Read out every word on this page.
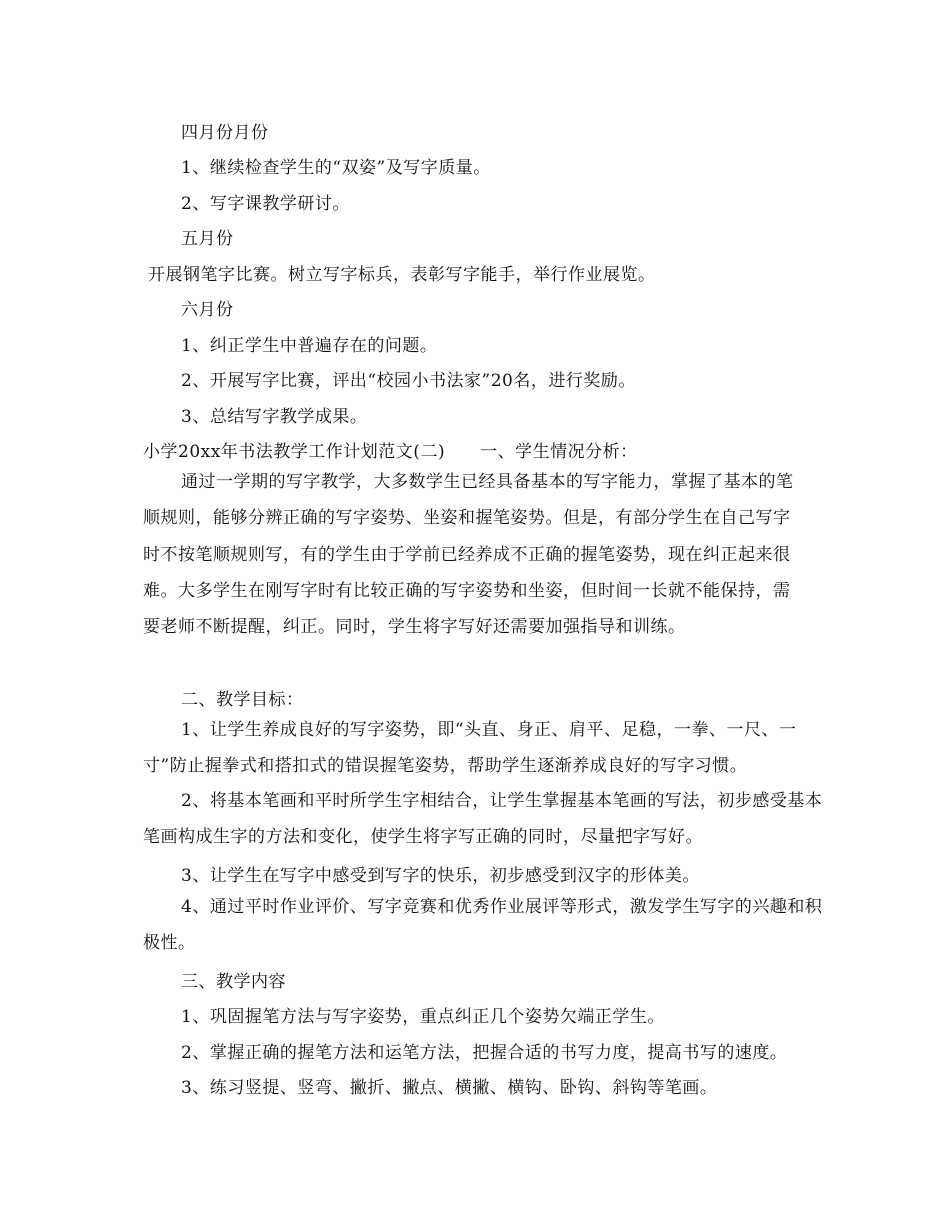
四月份月份
1、继续检查学生的“双姿”及写字质量。
2、写字课教学研讨。
五月份
开展钢笔字比赛。树立写字标兵，表彰写字能手，举行作业展览。
六月份
1、纠正学生中普遍存在的问题。
2、开展写字比赛，评出“校园小书法家”20名，进行奖励。
3、总结写字教学成果。
小学20xx年书法教学工作计划范文(二)　　一、学生情况分析：
通过一学期的写字教学，大多数学生已经具备基本的写字能力，掌握了基本的笔顺规则，能够分辨正确的写字姿势、坐姿和握笔姿势。但是，有部分学生在自己写字时不按笔顺规则写，有的学生由于学前已经养成不正确的握笔姿势，现在纠正起来很难。大多学生在刚写字时有比较正确的写字姿势和坐姿，但时间一长就不能保持，需要老师不断提醒，纠正。同时，学生将字写好还需要加强指导和训练。
二、教学目标：
1、让学生养成良好的写字姿势，即“头直、身正、肩平、足稳，一拳、一尺、一寸”防止握拳式和搭扣式的错误握笔姿势，帮助学生逐渐养成良好的写字习惯。
2、将基本笔画和平时所学生字相结合，让学生掌握基本笔画的写法，初步感受基本笔画构成生字的方法和变化，使学生将字写正确的同时，尽量把字写好。
3、让学生在写字中感受到写字的快乐，初步感受到汉字的形体美。
4、通过平时作业评价、写字竞赛和优秀作业展评等形式，激发学生写字的兴趣和积极性。
三、教学内容
1、巩固握笔方法与写字姿势，重点纠正几个姿势欠端正学生。
2、掌握正确的握笔方法和运笔方法，把握合适的书写力度，提高书写的速度。
3、练习竖提、竖弯、撇折、撇点、横撇、横钩、卧钩、斜钩等笔画。
